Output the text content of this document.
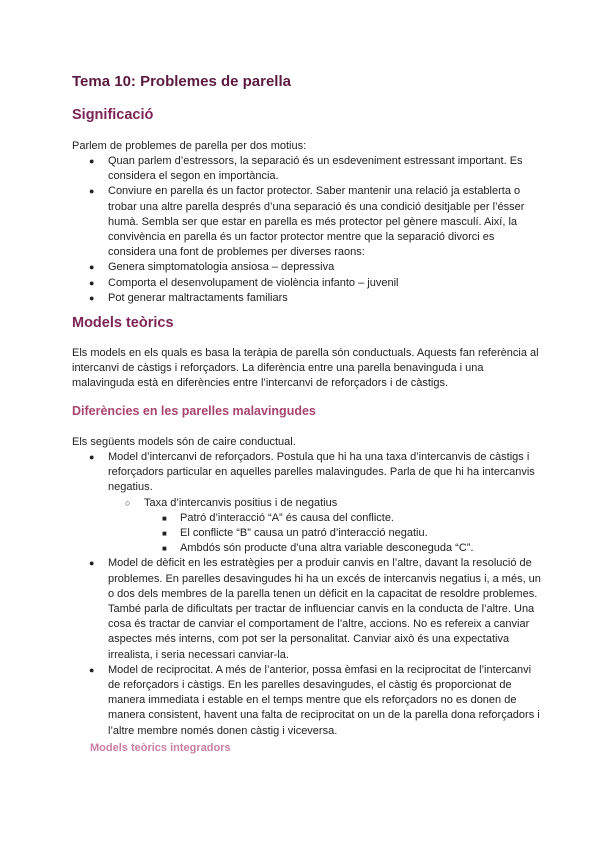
Tema 10: Problemes de parella
Significació

Parlem de problemes de parella per dos motius:

● Quan parlem d’estressors, la separació és un esdeveniment estressant important. Es considera el segon en importància.
● Conviure en parella és un factor protector. Saber mantenir una relació ja establerta o trobar una altre parella després d’una separació és una condició desitjable per l’ésser humà. Sembla ser que estar en parella es més protector pel gènere masculí. Així, la convivència en parella és un factor protector mentre que la separació divorci es considera una font de problemes per diverses raons:
● Genera simptomatologia ansiosa – depressiva
● Comporta el desenvolupament de violència infanto – juvenil
● Pot generar maltractaments familiars
Models teòrics

Els models en els quals es basa la teràpia de parella són conductuals. Aquests fan referència al intercanvi de càstigs i reforçadors. La diferència entre una parella benavinguda i una malavinguda està en diferències entre l’intercanvi de reforçadors i de càstigs.

Diferències en les parelles malavingudes

Els següents models són de caire conductual.

● Model d’intercanvi de reforçadors. Postula que hi ha una taxa d’intercanvis de càstigs i reforçadors particular en aquelles parelles malavingudes. Parla de que hi ha intercanvis negatius.
○ Taxa d’intercanvis positius i de negatius
■ Patró d’interacció “A” és causa del conflicte.
■ El conflicte “B” causa un patró d’interacció negatiu.
■ Ambdós són producte d’una altra variable desconeguda “C”.
● Model de dèficit en les estratègies per a produir canvis en l’altre, davant la resolució de problemes. En parelles desavingudes hi ha un excés de intercanvis negatius i, a més, un o dos dels membres de la parella tenen un dèficit en la capacitat de resoldre problemes. També parla de dificultats per tractar de influenciar canvis en la conducta de l’altre. Una cosa és tractar de canviar el comportament de l’altre, accions. No es refereix a canviar aspectes més interns, com pot ser la personalitat. Canviar això és una expectativa irrealista, i seria necessari canviar-la.
● Model de reciprocitat. A més de l’anterior, possa èmfasi en la reciprocitat de l’intercanvi de reforçadors i càstigs. En les parelles desavingudes, el càstig és proporcionat de manera immediata i estable en el temps mentre que els reforçadors no es donen de manera consistent, havent una falta de reciprocitat on un de la parella dona reforçadors i l’altre membre només donen càstig i viceversa.
Models teòrics integradors
